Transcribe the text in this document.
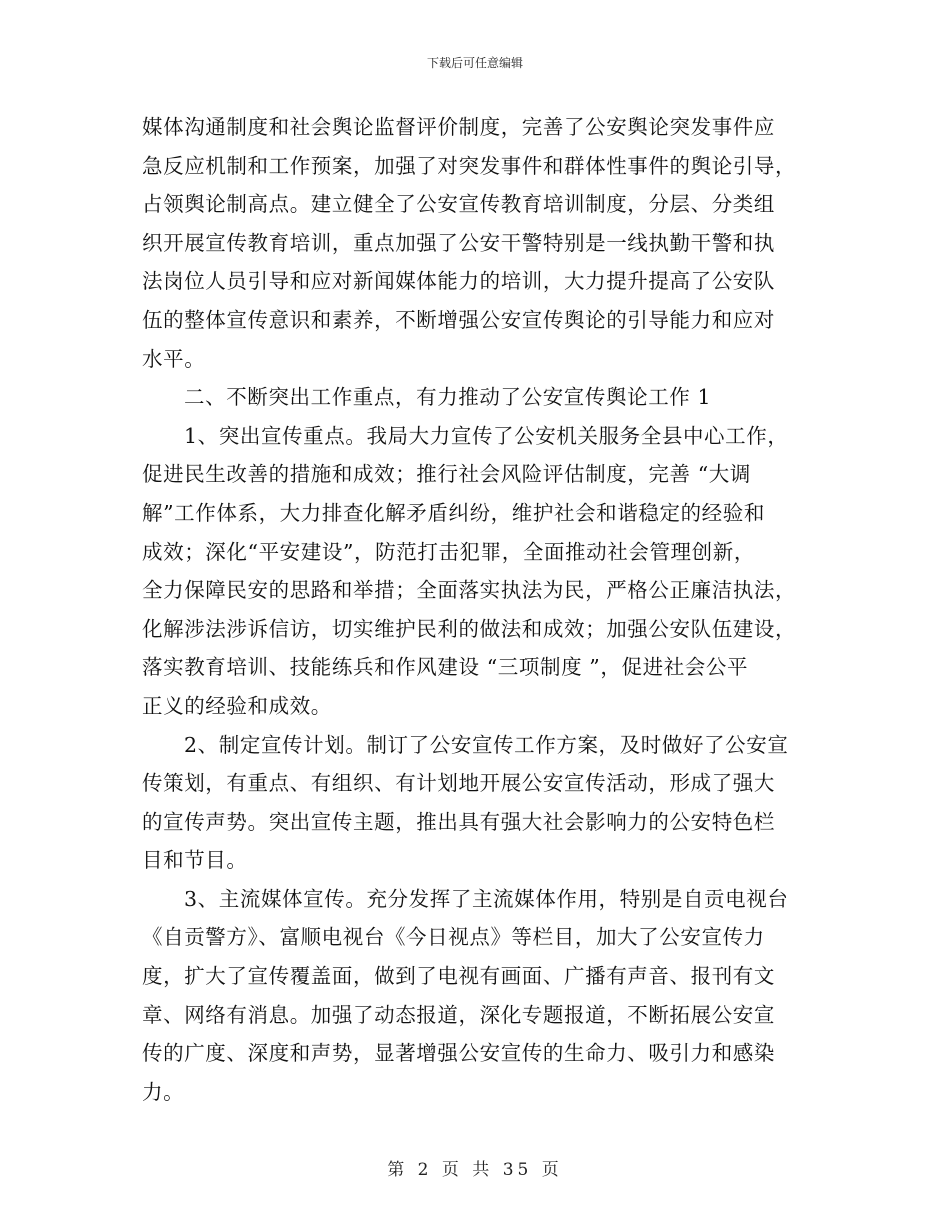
下载后可任意编辑
媒体沟通制度和社会舆论监督评价制度，完善了公安舆论突发事件应
急反应机制和工作预案，加强了对突发事件和群体性事件的舆论引导，
占领舆论制高点。建立健全了公安宣传教育培训制度，分层、分类组
织开展宣传教育培训，重点加强了公安干警特别是一线执勤干警和执
法岗位人员引导和应对新闻媒体能力的培训，大力提升提高了公安队
伍的整体宣传意识和素养，不断增强公安宣传舆论的引导能力和应对
水平。
二、不断突出工作重点，有力推动了公安宣传舆论工作 1
1、突出宣传重点。我局大力宣传了公安机关服务全县中心工作，
促进民生改善的措施和成效；推行社会风险评估制度，完善 “大调
解”工作体系，大力排查化解矛盾纠纷，维护社会和谐稳定的经验和
成效；深化“平安建设”，防范打击犯罪，全面推动社会管理创新，
全力保障民安的思路和举措；全面落实执法为民，严格公正廉洁执法，
化解涉法涉诉信访，切实维护民利的做法和成效；加强公安队伍建设，
落实教育培训、技能练兵和作风建设 “三项制度 ”，促进社会公平
正义的经验和成效。
2、制定宣传计划。制订了公安宣传工作方案，及时做好了公安宣
传策划，有重点、有组织、有计划地开展公安宣传活动，形成了强大
的宣传声势。突出宣传主题，推出具有强大社会影响力的公安特色栏
目和节目。
3、主流媒体宣传。充分发挥了主流媒体作用，特别是自贡电视台
《自贡警方》、富顺电视台《今日视点》等栏目，加大了公安宣传力
度，扩大了宣传覆盖面，做到了电视有画面、广播有声音、报刊有文
章、网络有消息。加强了动态报道，深化专题报道，不断拓展公安宣
传的广度、深度和声势，显著增强公安宣传的生命力、吸引力和感染
力。
第 2 页 共 35 页
